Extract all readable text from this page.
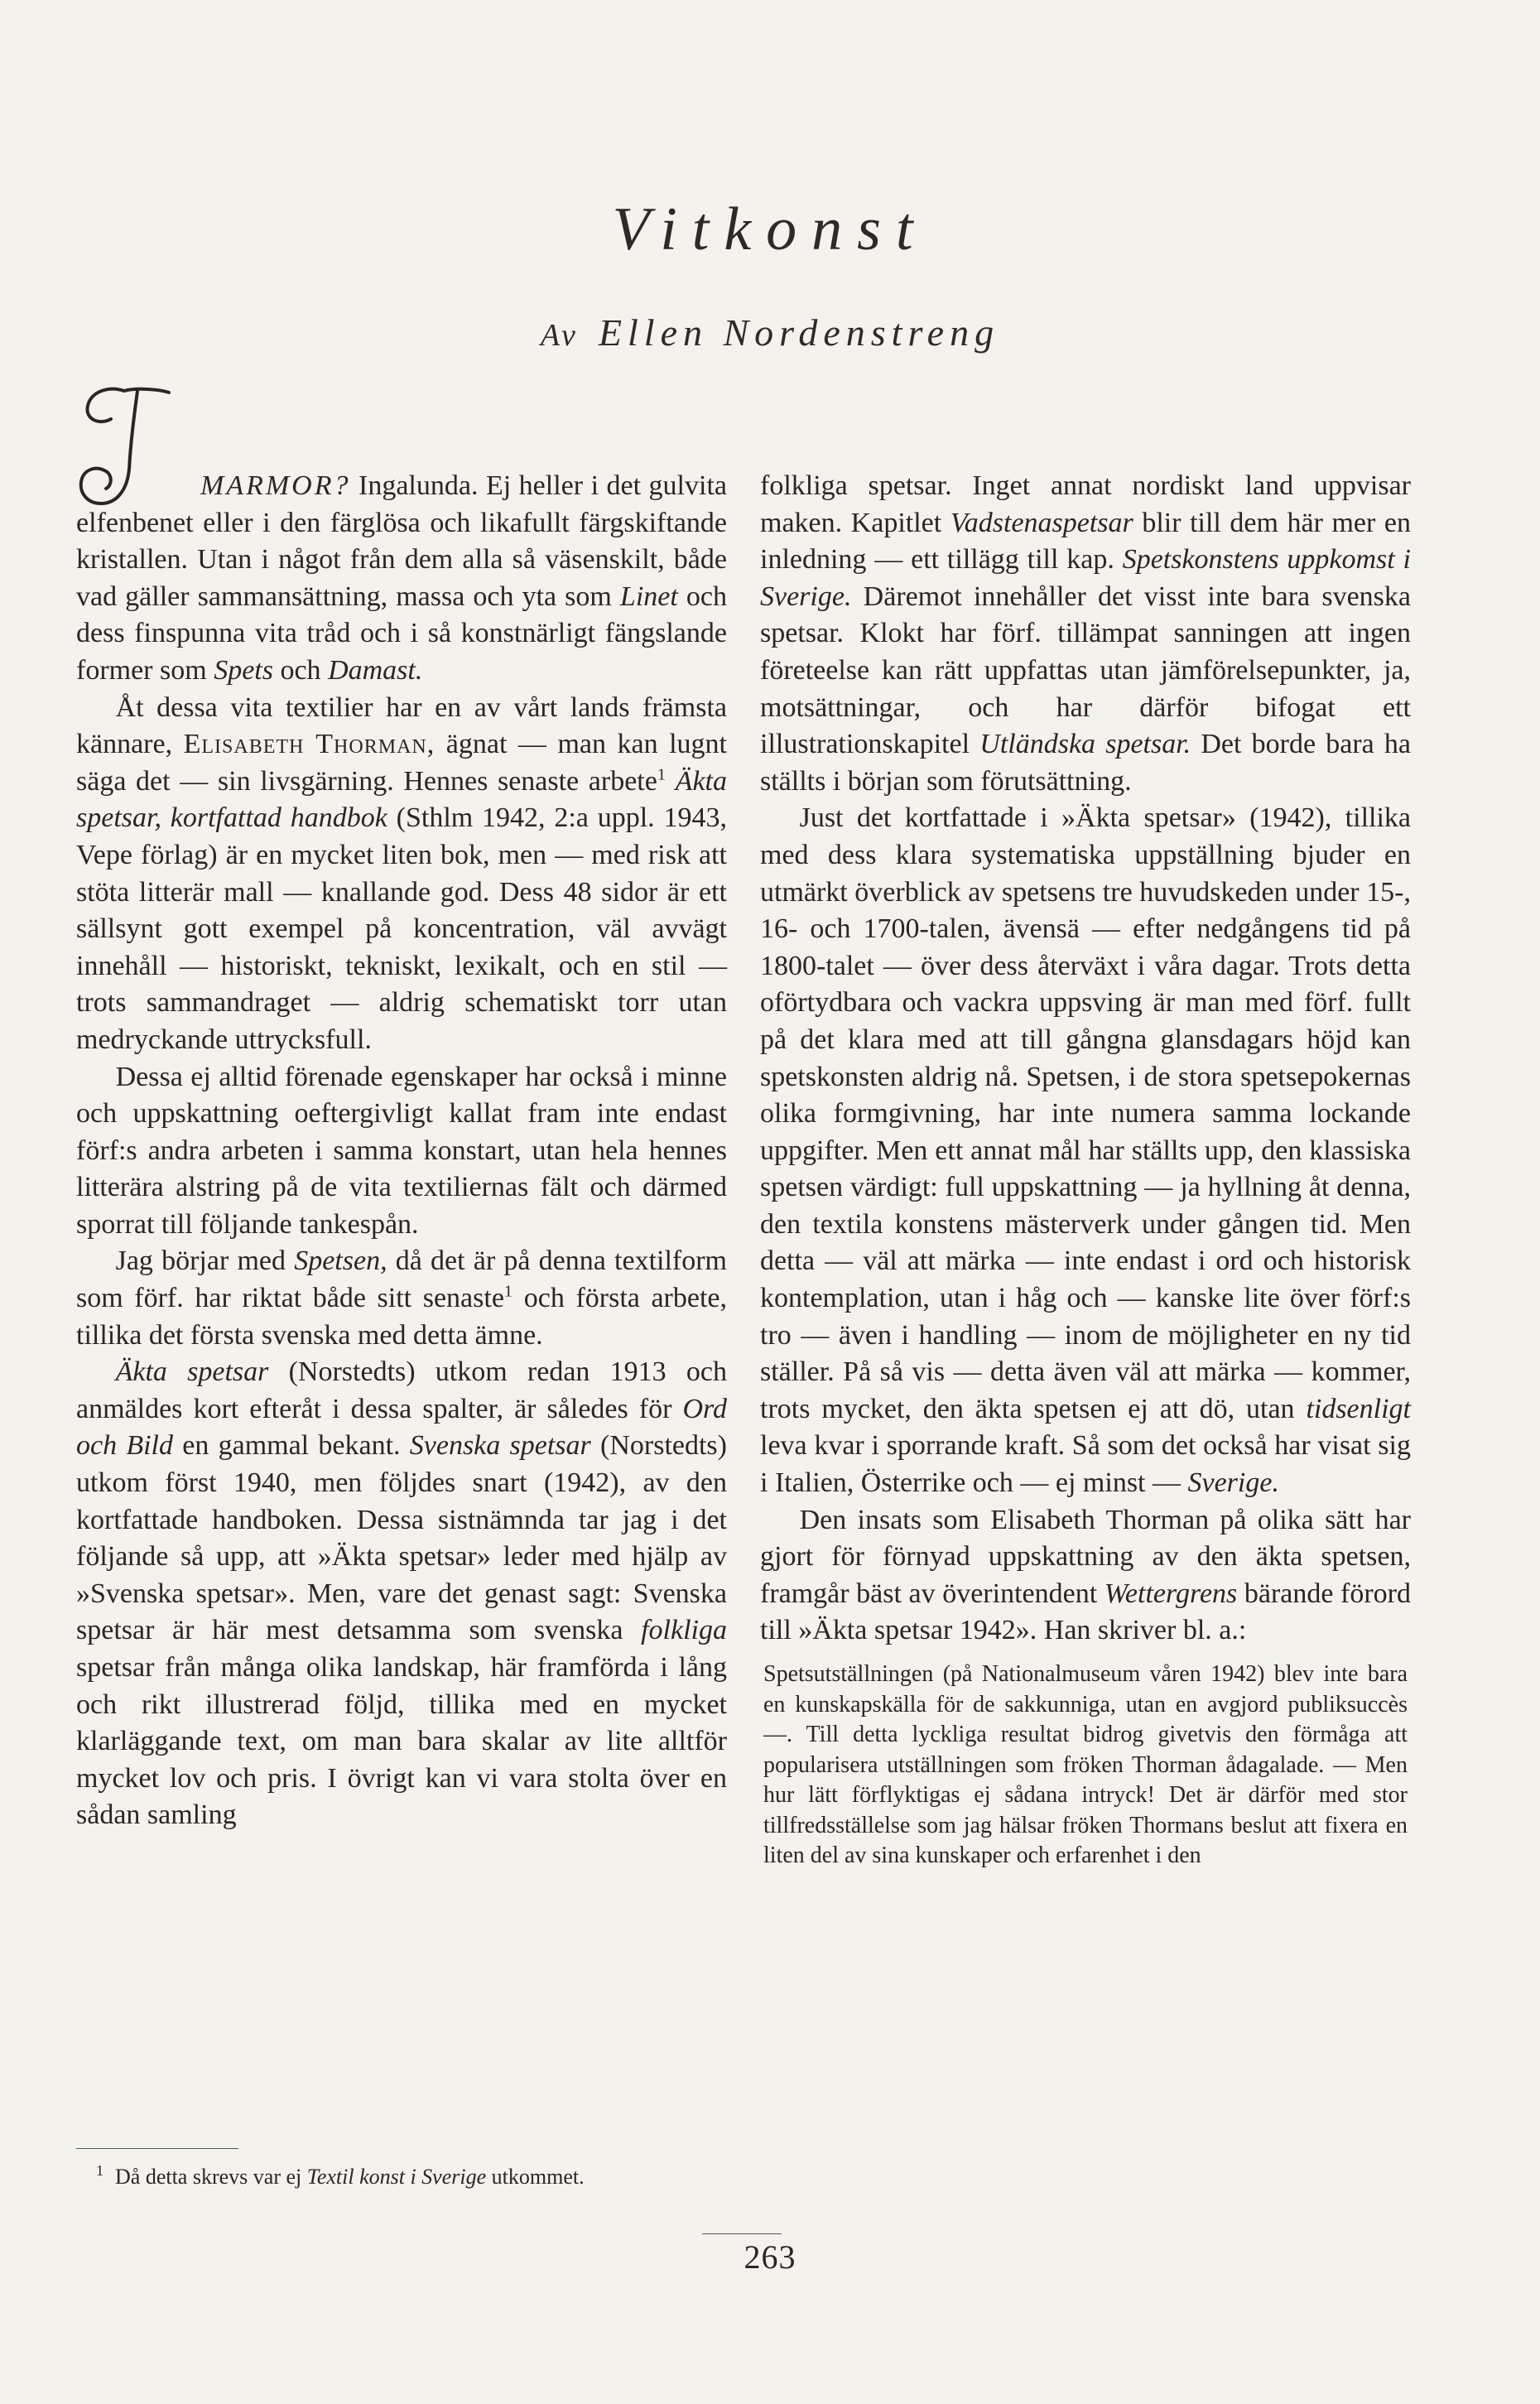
Vitkonst
Av Ellen Nordenstreng

MARMOR? Ingalunda. Ej heller i det gulvita elfenbenet eller i den färglösa och likafullt färgskiftande kristallen. Utan i något från dem alla så väsenskilt, både vad gäller sammansättning, massa och yta som Linet och dess finspunna vita tråd och i så konstnärligt fängslande former som Spets och Damast.

Åt dessa vita textilier har en av vårt lands främsta kännare, Elisabeth Thorman, ägnat — man kan lugnt säga det — sin livsgärning. Hennes senaste arbete$^1$ Äkta spetsar, kortfattad handbok (Sthlm 1942, 2:a uppl. 1943, Vepe förlag) är en mycket liten bok, men — med risk att stöta litterär mall — knallande god. Dess 48 sidor är ett sällsynt gott exempel på koncentration, väl avvägt innehåll — historiskt, tekniskt, lexikalt, och en stil — trots sammandraget — aldrig schematiskt torr utan medryckande uttrycksfull.

Dessa ej alltid förenade egenskaper har också i minne och uppskattning oeftergivligt kallat fram inte endast förf:s andra arbeten i samma konstart, utan hela hennes litterära alstring på de vita textiliernas fält och därmed sporrat till följande tankespån.

Jag börjar med Spetsen, då det är på denna textilform som förf. har riktat både sitt senaste$^1$ och första arbete, tillika det första svenska med detta ämne.

Äkta spetsar (Norstedts) utkom redan 1913 och anmäldes kort efteråt i dessa spalter, är således för Ord och Bild en gammal bekant. Svenska spetsar (Norstedts) utkom först 1940, men följdes snart (1942), av den kortfattade handboken. Dessa sistnämnda tar jag i det följande så upp, att »Äkta spetsar» leder med hjälp av »Svenska spetsar». Men, vare det genast sagt: Svenska spetsar är här mest detsamma som svenska folkliga spetsar från många olika landskap, här framförda i lång och rikt illustrerad följd, tillika med en mycket klarläggande text, om man bara skalar av lite alltför mycket lov och pris. I övrigt kan vi vara stolta över en sådan samling

folkliga spetsar. Inget annat nordiskt land uppvisar maken. Kapitlet Vadstenaspetsar blir till dem här mer en inledning — ett tillägg till kap. Spetskonstens uppkomst i Sverige. Däremot innehåller det visst inte bara svenska spetsar. Klokt har förf. tillämpat sanningen att ingen företeelse kan rätt uppfattas utan jämförelsepunkter, ja, motsättningar, och har därför bifogat ett illustrationskapitel Utländska spetsar. Det borde bara ha ställts i början som förutsättning.

Just det kortfattade i »Äkta spetsar» (1942), tillika med dess klara systematiska uppställning bjuder en utmärkt överblick av spetsens tre huvudskeden under 15-, 16- och 1700-talen, ävensä — efter nedgångens tid på 1800-talet — över dess återväxt i våra dagar. Trots detta oförtydbara och vackra uppsving är man med förf. fullt på det klara med att till gångna glansdagars höjd kan spetskonsten aldrig nå. Spetsen, i de stora spetsepokernas olika formgivning, har inte numera samma lockande uppgifter. Men ett annat mål har ställts upp, den klassiska spetsen värdigt: full uppskattning — ja hyllning åt denna, den textila konstens mästerverk under gången tid. Men detta — väl att märka — inte endast i ord och historisk kontemplation, utan i håg och — kanske lite över förf:s tro — även i handling — inom de möjligheter en ny tid ställer. På så vis — detta även väl att märka — kommer, trots mycket, den äkta spetsen ej att dö, utan tidsenligt leva kvar i sporrande kraft. Så som det också har visat sig i Italien, Österrike och — ej minst — Sverige.

Den insats som Elisabeth Thorman på olika sätt har gjort för förnyad uppskattning av den äkta spetsen, framgår bäst av överintendent Wettergrens bärande förord till »Äkta spetsar 1942». Han skriver bl. a.:

Spetsutställningen (på Nationalmuseum våren 1942) blev inte bara en kunskapskälla för de sakkunniga, utan en avgjord publiksuccès —. Till detta lyckliga resultat bidrog givetvis den förmåga att popularisera utställningen som fröken Thorman ådagalade. — Men hur lätt förflyktigas ej sådana intryck! Det är därför med stor tillfredsställelse som jag hälsar fröken Thormans beslut att fixera en liten del av sina kunskaper och erfarenhet i den

$^1$ Då detta skrevs var ej Textil konst i Sverige utkommet.
263
